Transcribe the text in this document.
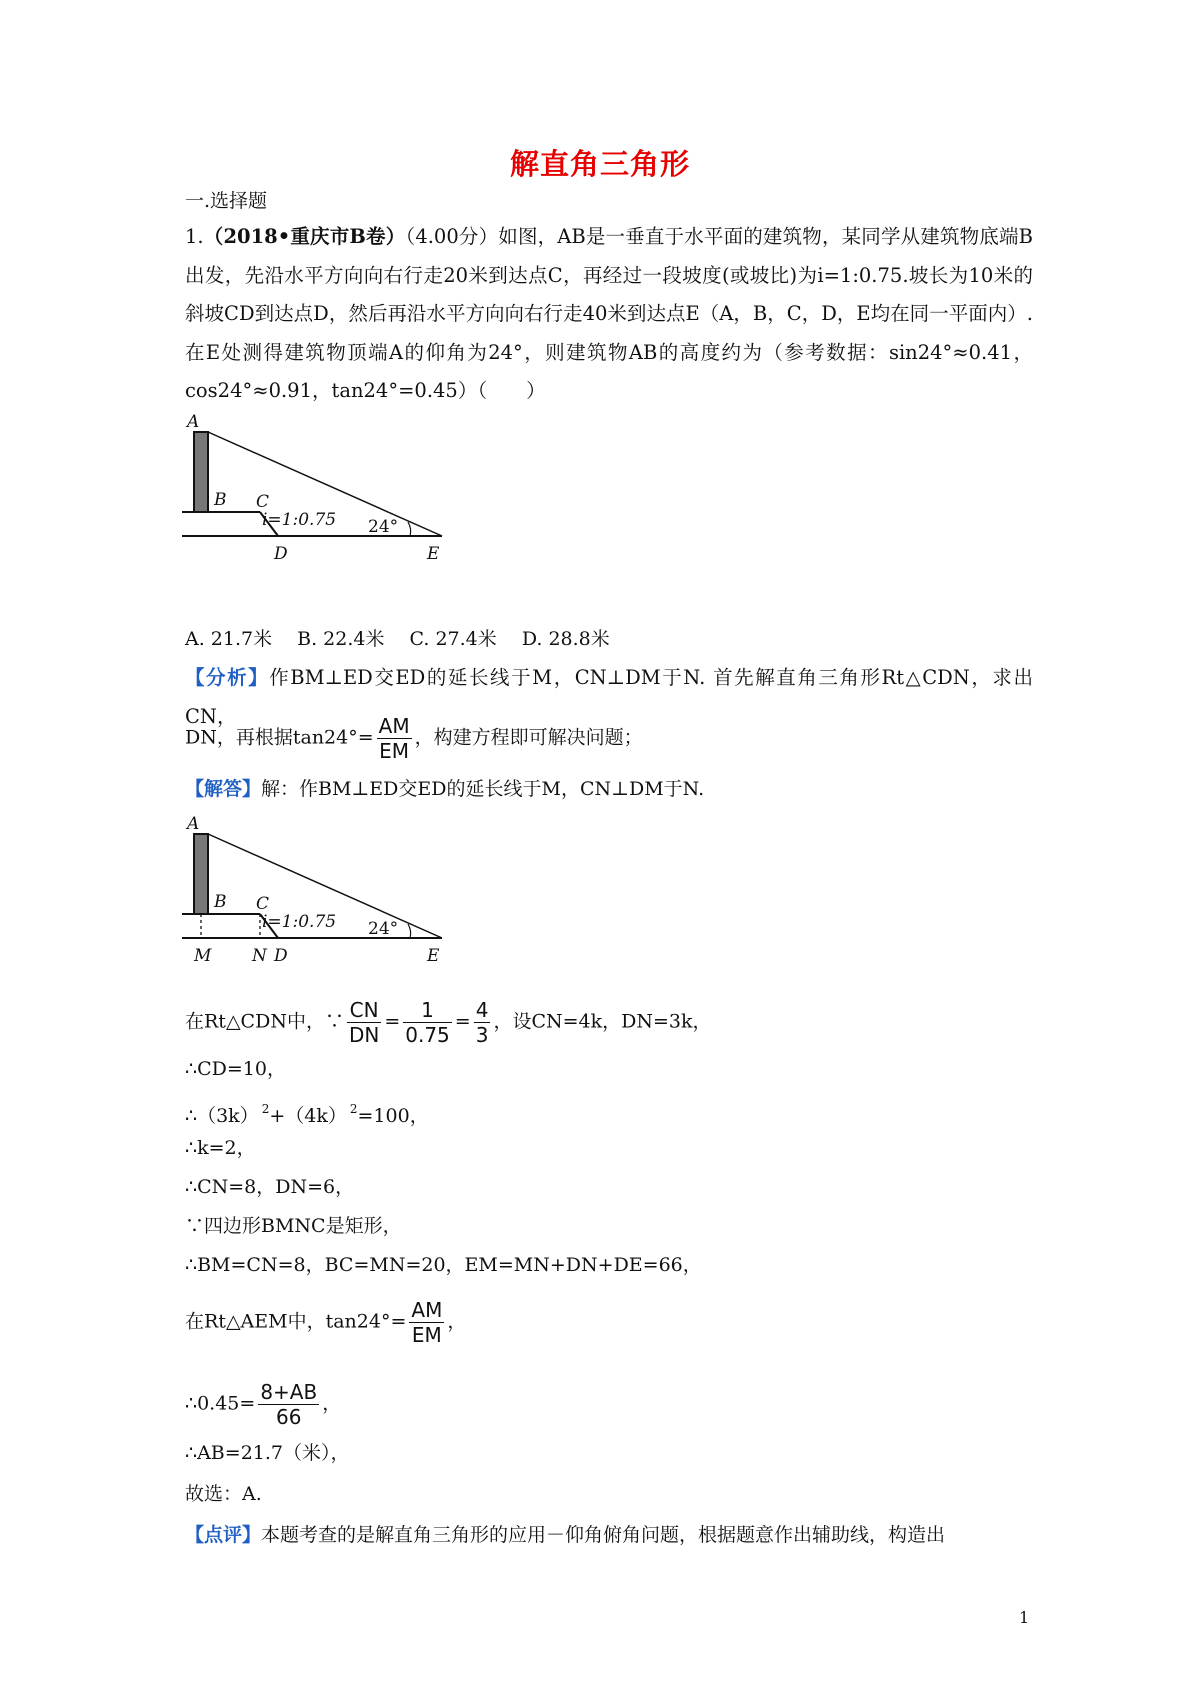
解直角三角形
一.选择题
1.（2018•重庆市B卷）（4.00分）如图，AB是一垂直于水平面的建筑物，某同学从建筑物底端B出发，先沿水平方向向右行走20米到达点C，再经过一段坡度(或坡比)为i=1:0.75.坡长为10米的斜坡CD到达点D，然后再沿水平方向向右行走40米到达点E（A，B，C，D，E均在同一平面内）.在E处测得建筑物顶端A的仰角为24°，则建筑物AB的高度约为（参考数据：sin24°≈0.41，cos24°≈0.91，tan24°=0.45）（　　）
A
B C
i=1:0.75 24°
D	E
A. 21.7米　 B. 22.4米　 C. 27.4米　 D. 28.8米
【分析】作BM⊥ED交ED的延长线于M，CN⊥DM于N. 首先解直角三角形Rt△CDN，求出CN，
DN，再根据$\tan 24^\circ= \frac{AM}{EM}$ ，构建方程即可解决问题；
【解答】解：作BM⊥ED交ED的延长线于M，CN⊥DM于N.
A
B C
i=1:0.75 24°
M N D	E
在Rt△CDN中，∵ $\frac{CN}{DN} = \frac{1}{0.75} = \frac{4}{3}$ ，设CN=4k，DN=3k，
∴CD=10，
∴（3k） $^2$+（4k） $^2$=100，
∴k=2，
∴CN=8，DN=6，
∵四边形BMNC是矩形，
∴BM=CN=8，BC=MN=20，EM=MN+DN+DE=66，
在Rt△AEM中，$\tan 24^\circ= \frac{AM}{EM}$ ，
∴0.45= $\frac{8+AB}{66}$ ，
∴AB=21.7（米），
故选：A.
【点评】本题考查的是解直角三角形的应用－仰角俯角问题，根据题意作出辅助线，构造出
1
